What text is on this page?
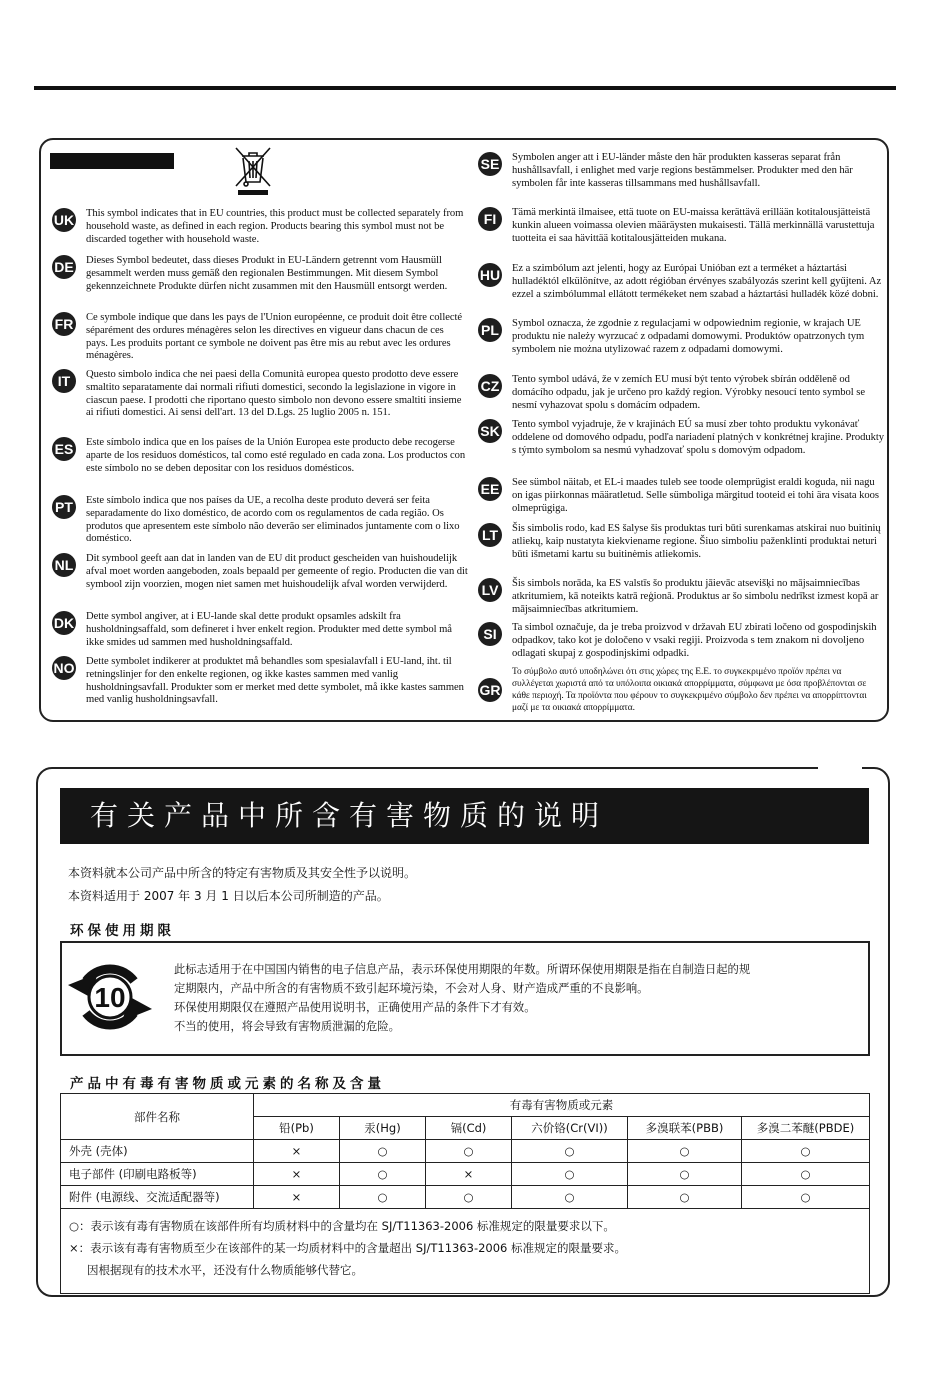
UK This symbol indicates that in EU countries, this product must be collected separately from household waste, as defined in each region. Products bearing this symbol must not be discarded together with household waste.
DE Dieses Symbol bedeutet, dass dieses Produkt in EU-Ländern getrennt vom Hausmüll gesammelt werden muss gemäß den regionalen Bestimmungen. Mit diesem Symbol gekennzeichnete Produkte dürfen nicht zusammen mit den Hausmüll entsorgt werden.
FR Ce symbole indique que dans les pays de l'Union européenne, ce produit doit être collecté séparément des ordures ménagères selon les directives en vigueur dans chacun de ces pays. Les produits portant ce symbole ne doivent pas être mis au rebut avec les ordures ménagères.
IT	Questo simbolo indica che nei paesi della Comunità europea questo prodotto deve essere smaltito separatamente dai normali rifiuti domestici, secondo la legislazione in vigore in ciascun paese. I prodotti che riportano questo simbolo non devono essere smaltiti insieme ai rifiuti domestici. Ai sensi dell'art. 13 del D.Lgs. 25 luglio 2005 n. 151.
ES Este símbolo indica que en los países de la Unión Europea este producto debe recogerse aparte de los residuos domésticos, tal como esté regulado en cada zona. Los productos con este símbolo no se deben depositar con los residuos domésticos.
PT Este símbolo indica que nos países da UE, a recolha deste produto deverá ser feita separadamente do lixo doméstico, de acordo com os regulamentos de cada região. Os produtos que apresentem este símbolo não deverão ser eliminados juntamente com o lixo doméstico.
NL Dit symbool geeft aan dat in landen van de EU dit product gescheiden van huishoudelijk afval moet worden aangeboden, zoals bepaald per gemeente of regio. Producten die van dit symbool zijn voorzien, mogen niet samen met huishoudelijk afval worden verwijderd.
DK Dette symbol angiver, at i EU-lande skal dette produkt opsamles adskilt fra husholdningsaffald, som defineret i hver enkelt region. Produkter med dette symbol må ikke smides ud sammen med husholdningsaffald.
NO Dette symbolet indikerer at produktet må behandles som spesialavfall i EU-land, iht. til retningslinjer for den enkelte regionen, og ikke kastes sammen med vanlig husholdningsavfall. Produkter som er merket med dette symbolet, må ikke kastes sammen med vanlig husholdningsavfall.
SE Symbolen anger att i EU-länder måste den här produkten kasseras separat från hushållsavfall, i enlighet med varje regions bestämmelser. Produkter med den här symbolen får inte kasseras tillsammans med hushållsavfall.
FI	Tämä merkintä ilmaisee, että tuote on EU-maissa kerättävä erillään kotitalousjätteistä kunkin alueen voimassa olevien määräysten mukaisesti. Tällä merkinnällä varustettuja tuotteita ei saa hävittää kotitalousjätteiden mukana.
HU Ez a szimbólum azt jelenti, hogy az Európai Unióban ezt a terméket a háztartási hulladéktól elkülönítve, az adott régióban érvényes szabályozás szerint kell gyűjteni. Az ezzel a szimbólummal ellátott termékeket nem szabad a háztartási hulladék közé dobni.
PL Symbol oznacza, że zgodnie z regulacjami w odpowiednim regionie, w krajach UE produktu nie należy wyrzucać z odpadami domowymi. Produktów opatrzonych tym symbolem nie można utylizować razem z odpadami domowymi.
CZ Tento symbol udává, že v zemích EU musí být tento výrobek sbírán odděleně od domácího odpadu, jak je určeno pro každý region. Výrobky nesoucí tento symbol se nesmí vyhazovat spolu s domácím odpadem.
SK Tento symbol vyjadruje, že v krajinách EÚ sa musí zber tohto produktu vykonávať oddelene od domového odpadu, podľa nariadení platných v konkrétnej krajine. Produkty s týmto symbolom sa nesmú vyhadzovať spolu s domovým odpadom.
EE See sümbol näitab, et EL-i maades tuleb see toode olemprügist eraldi koguda, nii nagu on igas piirkonnas määratletud. Selle sümboliga märgitud tooteid ei tohi ära visata koos olmeprügiga.
LT	Šis simbolis rodo, kad ES šalyse šis produktas turi būti surenkamas atskirai nuo buitinių atliekų, kaip nustatyta kiekviename regione. Šiuo simboliu paženklinti produktai neturi būti išmetami kartu su buitinėmis atliekomis.
LV	Šis simbols norāda, ka ES valstīs šo produktu jāievāc atsevišķi no mājsaimniecības atkritumiem, kā noteikts katrā reģionā. Produktus ar šo simbolu nedrīkst izmest kopā ar mājsaimniecības atkritumiem.
SI	Ta simbol označuje, da je treba proizvod v državah EU zbirati ločeno od gospodinjskih odpadkov, tako kot je določeno v vsaki regiji. Proizvoda s tem znakom ni dovoljeno odlagati skupaj z gospodinjskimi odpadki.
GR
Το σύμβολο αυτό υποδηλώνει ότι στις χώρες της Ε.Ε. το συγκεκριμένο προϊόν πρέπει να συλλέγεται χωριστά από τα υπόλοιπα οικιακά απορρίμματα, σύμφωνα με όσα προβλέπονται σε κάθε περιοχή. Τα προϊόντα που φέρουν το συγκεκριμένο σύμβολο δεν πρέπει να απορρίπτονται μαζί με τα οικιακά απορρίμματα.
有关产品中所含有害物质的说明
本资料就本公司产品中所含的特定有害物质及其安全性予以说明。
本资料适用于 2007 年 3 月 1 日以后本公司所制造的产品。
环保使用期限
10
此标志适用于在中国国内销售的电子信息产品，表示环保使用期限的年数。所谓环保使用期限是指在自制造日起的规
定期限内，产品中所含的有害物质不致引起环境污染，不会对人身、财产造成严重的不良影响。
环保使用期限仅在遵照产品使用说明书，正确使用产品的条件下才有效。
不当的使用，将会导致有害物质泄漏的危险。
产品中有毒有害物质或元素的名称及含量
部件名称	有毒有害物质或元素					
	铅(Pb)	汞(Hg)	镉(Cd)	六价铬(Cr(VI))	多溴联苯(PBB)	多溴二苯醚(PBDE)
外壳 (壳体)	×	○	○	○	○	○
电子部件 (印刷电路板等)	×	○	×	○	○	○
附件 (电源线、交流适配器等)	×	○	○	○	○	○

○：表示该有毒有害物质在该部件所有均质材料中的含量均在 SJ/T11363-2006 标准规定的限量要求以下。
×：表示该有毒有害物质至少在该部件的某一均质材料中的含量超出 SJ/T11363-2006 标准规定的限量要求。
因根据现有的技术水平，还没有什么物质能够代替它。						
